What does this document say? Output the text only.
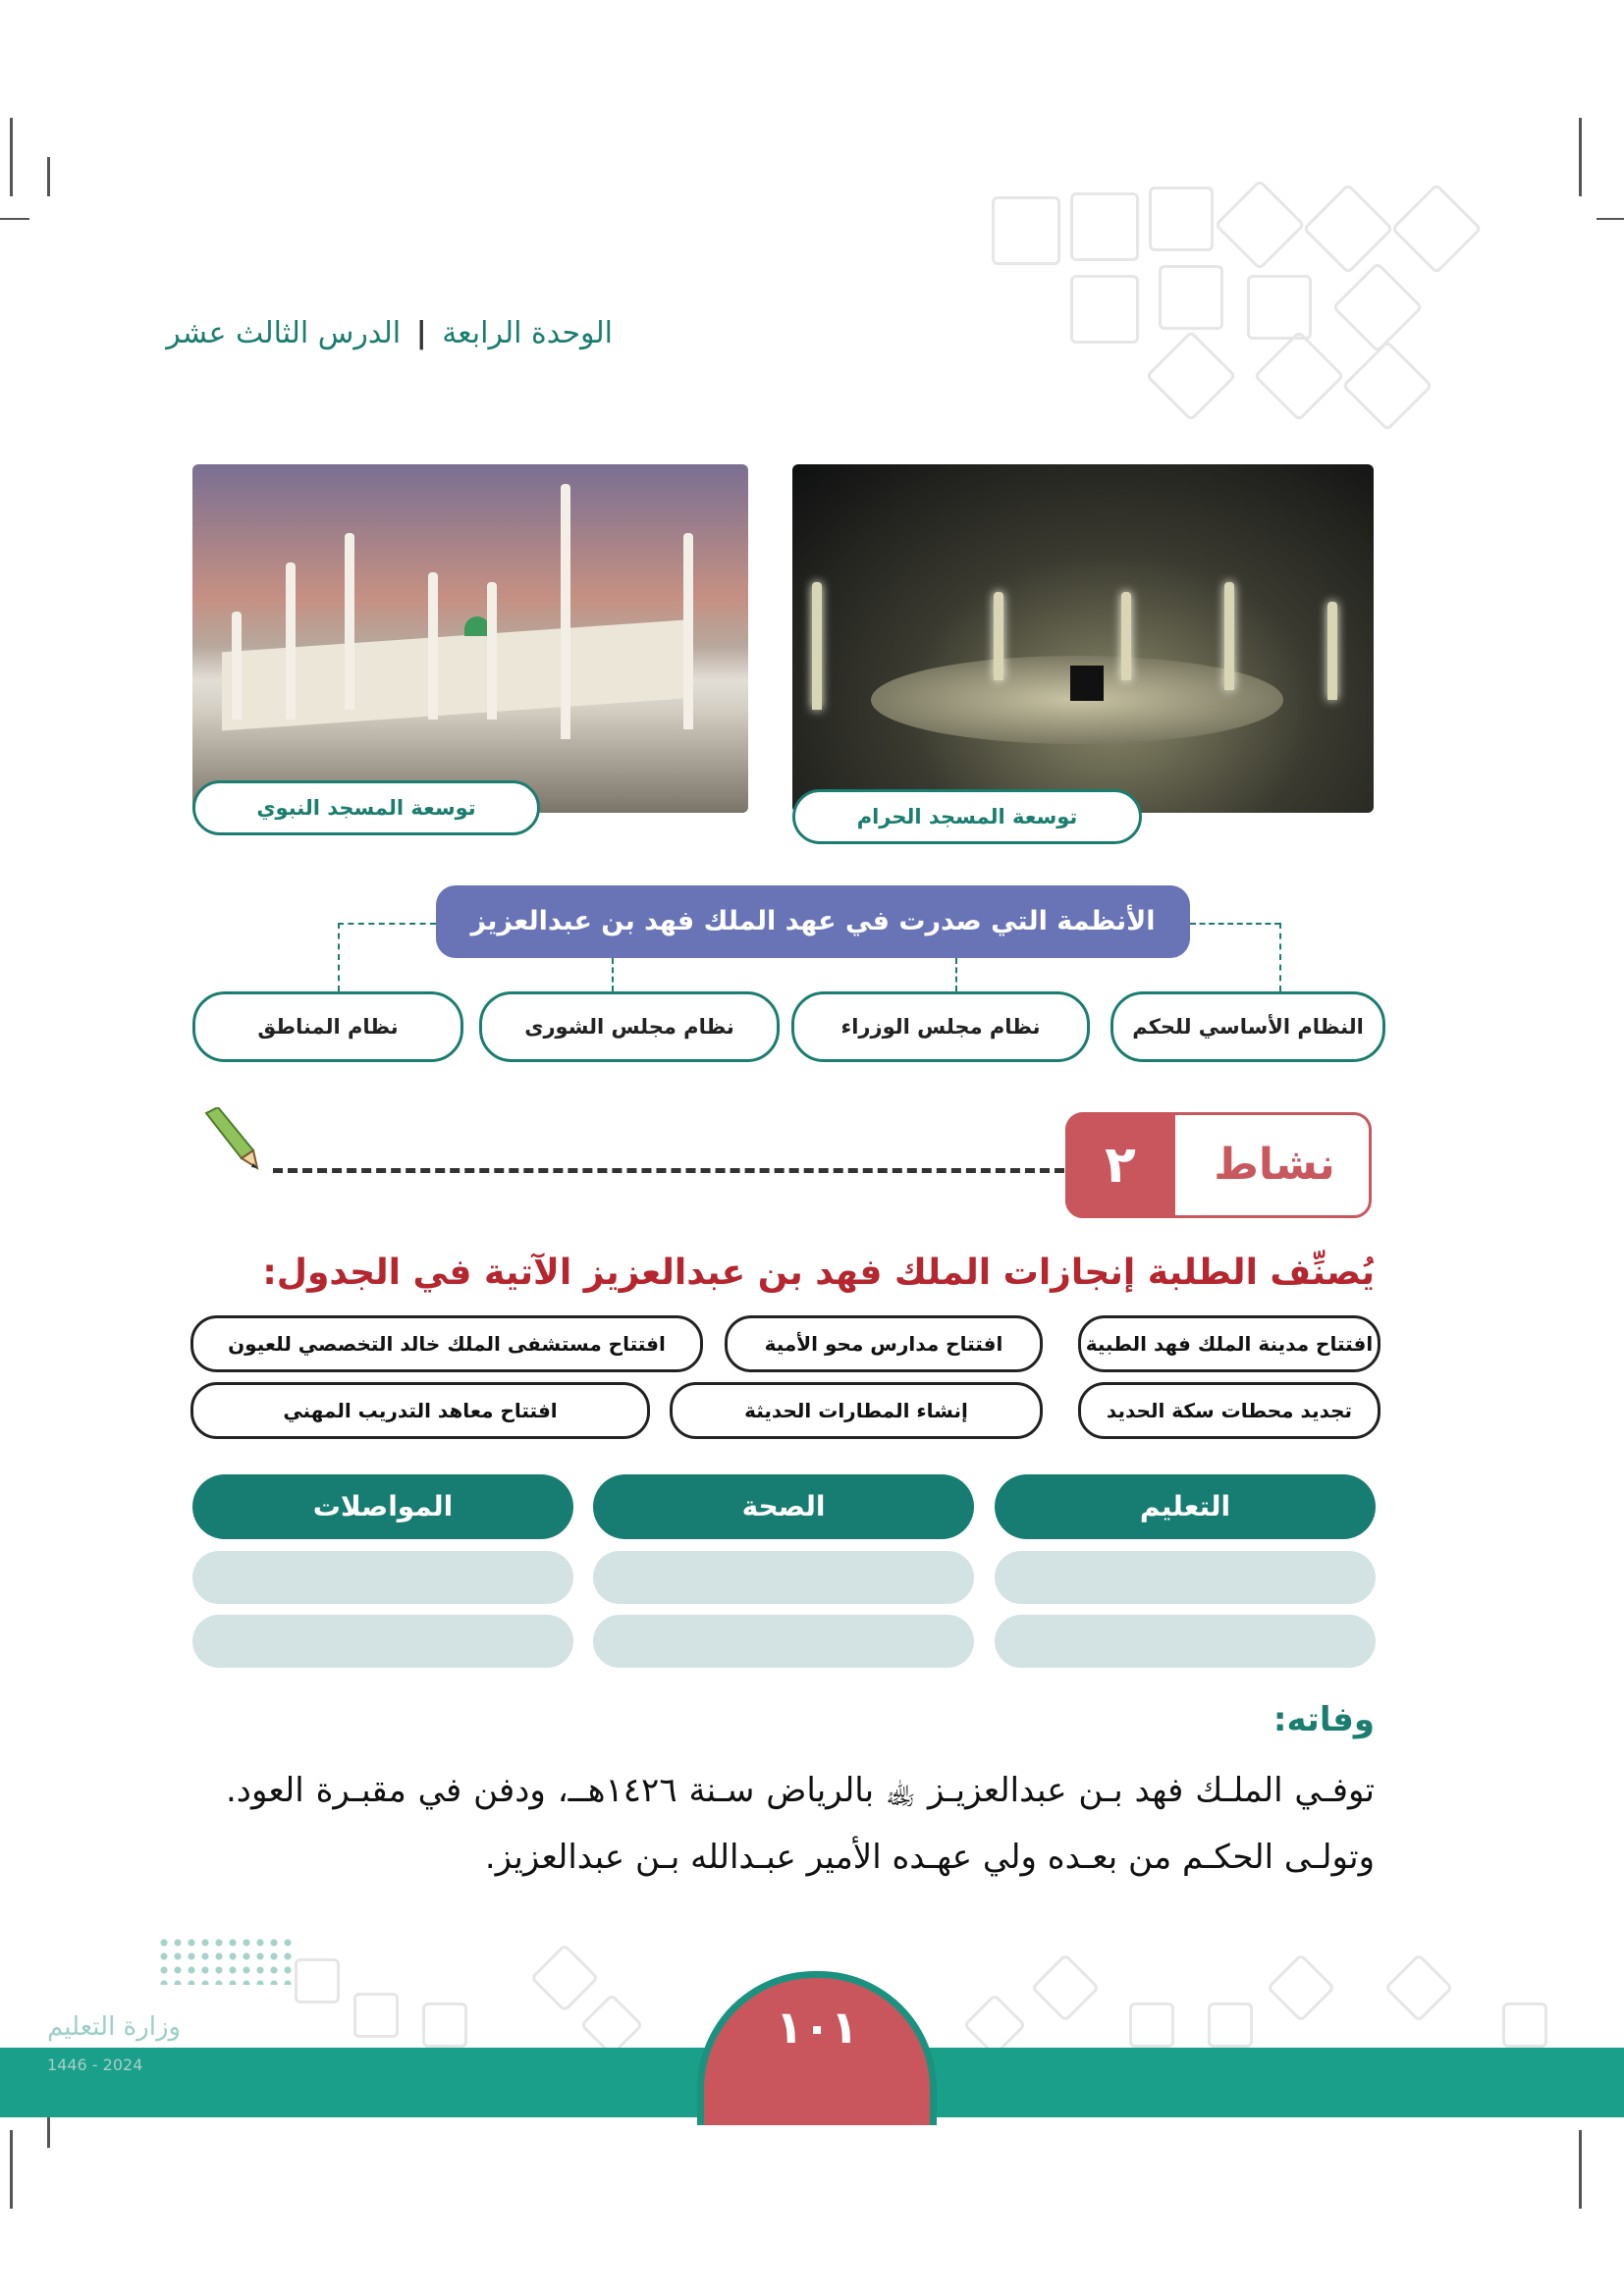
الوحدة الرابعة | الدرس الثالث عشر
توسعة المسجد النبوي	توسعة المسجد الحرام
الأنظمة التي صدرت في عهد الملك فهد بن عبدالعزيز
النظام الأساسي للحكم
نظام مجلس الوزراء
نظام مجلس الشورى
نظام المناطق
نشاط
٢
يُصنِّف الطلبة إنجازات الملك فهد بن عبدالعزيز الآتية في الجدول:
افتتاح مدينة الملك فهد الطبية
افتتاح مدارس محو الأمية
افتتاح مستشفى الملك خالد التخصصي للعيون
تجديد محطات سكة الحديد
إنشاء المطارات الحديثة
افتتاح معاهد التدريب المهني
التعليم
الصحة
المواصلات
وفاته:
توفـي الملـك فهد بـن عبدالعزيـز ﵀ بالرياض سـنة ١٤٢٦هــ، ودفن في مقبـرة العود. وتولـى الحكـم من بعـده ولي عهـده الأمير عبـدالله بـن عبدالعزيز.
١٠١
وزارة التعليم
2024 - 1446
